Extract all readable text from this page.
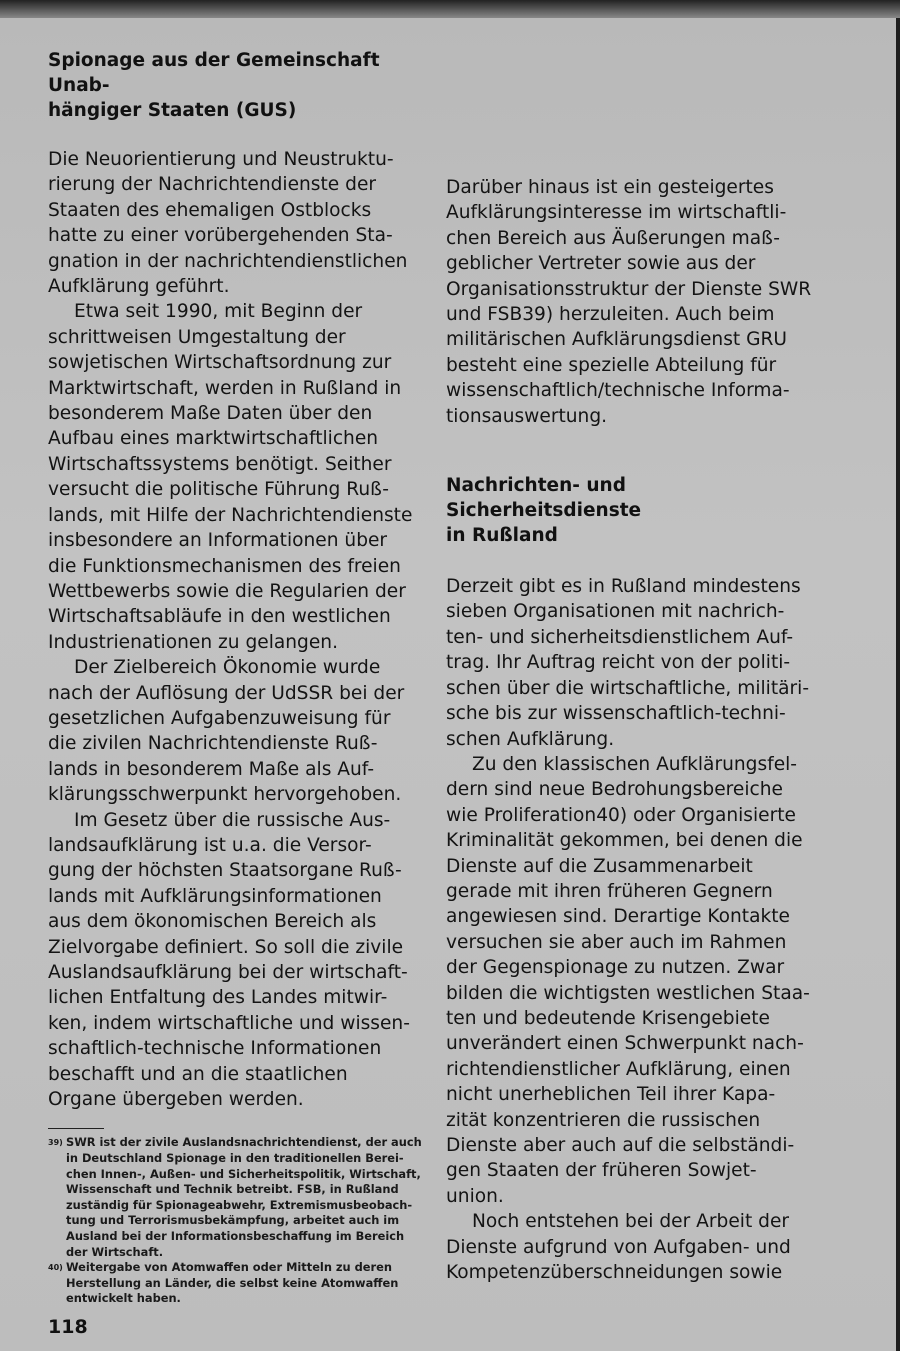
Spionage aus der Gemeinschaft Unab-
hängiger Staaten (GUS)
Die Neuorientierung und Neustruktu-
rierung der Nachrichtendienste der
Staaten des ehemaligen Ostblocks
hatte zu einer vorübergehenden Sta-
gnation in der nachrichtendienstlichen
Aufklärung geführt.
Etwa seit 1990, mit Beginn der
schrittweisen Umgestaltung der
sowjetischen Wirtschaftsordnung zur
Marktwirtschaft, werden in Rußland in
besonderem Maße Daten über den
Aufbau eines marktwirtschaftlichen
Wirtschaftssystems benötigt. Seither
versucht die politische Führung Ruß-
lands, mit Hilfe der Nachrichtendienste
insbesondere an Informationen über
die Funktionsmechanismen des freien
Wettbewerbs sowie die Regularien der
Wirtschaftsabläufe in den westlichen
Industrienationen zu gelangen.
Der Zielbereich Ökonomie wurde
nach der Auflösung der UdSSR bei der
gesetzlichen Aufgabenzuweisung für
die zivilen Nachrichtendienste Ruß-
lands in besonderem Maße als Auf-
klärungsschwerpunkt hervorgehoben.
Im Gesetz über die russische Aus-
landsaufklärung ist u.a. die Versor-
gung der höchsten Staatsorgane Ruß-
lands mit Aufklärungsinformationen
aus dem ökonomischen Bereich als
Zielvorgabe definiert. So soll die zivile
Auslandsaufklärung bei der wirtschaft-
lichen Entfaltung des Landes mitwir-
ken, indem wirtschaftliche und wissen-
schaftlich-technische Informationen
beschafft und an die staatlichen
Organe übergeben werden.
39) SWR ist der zivile Auslandsnachrichtendienst, der auch
in Deutschland Spionage in den traditionellen Berei-
chen Innen-, Außen- und Sicherheitspolitik, Wirtschaft,
Wissenschaft und Technik betreibt. FSB, in Rußland
zuständig für Spionageabwehr, Extremismusbeobach-
tung und Terrorismusbekämpfung, arbeitet auch im
Ausland bei der Informationsbeschaffung im Bereich
der Wirtschaft.
40) Weitergabe von Atomwaffen oder Mitteln zu deren
Herstellung an Länder, die selbst keine Atomwaffen
entwickelt haben.
Darüber hinaus ist ein gesteigertes
Aufklärungsinteresse im wirtschaftli-
chen Bereich aus Äußerungen maß-
geblicher Vertreter sowie aus der
Organisationsstruktur der Dienste SWR
und FSB39) herzuleiten. Auch beim
militärischen Aufklärungsdienst GRU
besteht eine spezielle Abteilung für
wissenschaftlich/technische Informa-
tionsauswertung.
Nachrichten- und Sicherheitsdienste
in Rußland
Derzeit gibt es in Rußland mindestens
sieben Organisationen mit nachrich-
ten- und sicherheitsdienstlichem Auf-
trag. Ihr Auftrag reicht von der politi-
schen über die wirtschaftliche, militäri-
sche bis zur wissenschaftlich-techni-
schen Aufklärung.
Zu den klassischen Aufklärungsfel-
dern sind neue Bedrohungsbereiche
wie Proliferation40) oder Organisierte
Kriminalität gekommen, bei denen die
Dienste auf die Zusammenarbeit
gerade mit ihren früheren Gegnern
angewiesen sind. Derartige Kontakte
versuchen sie aber auch im Rahmen
der Gegenspionage zu nutzen. Zwar
bilden die wichtigsten westlichen Staa-
ten und bedeutende Krisengebiete
unverändert einen Schwerpunkt nach-
richtendienstlicher Aufklärung, einen
nicht unerheblichen Teil ihrer Kapa-
zität konzentrieren die russischen
Dienste aber auch auf die selbständi-
gen Staaten der früheren Sowjet-
union.
Noch entstehen bei der Arbeit der
Dienste aufgrund von Aufgaben- und
Kompetenzüberschneidungen sowie
118
